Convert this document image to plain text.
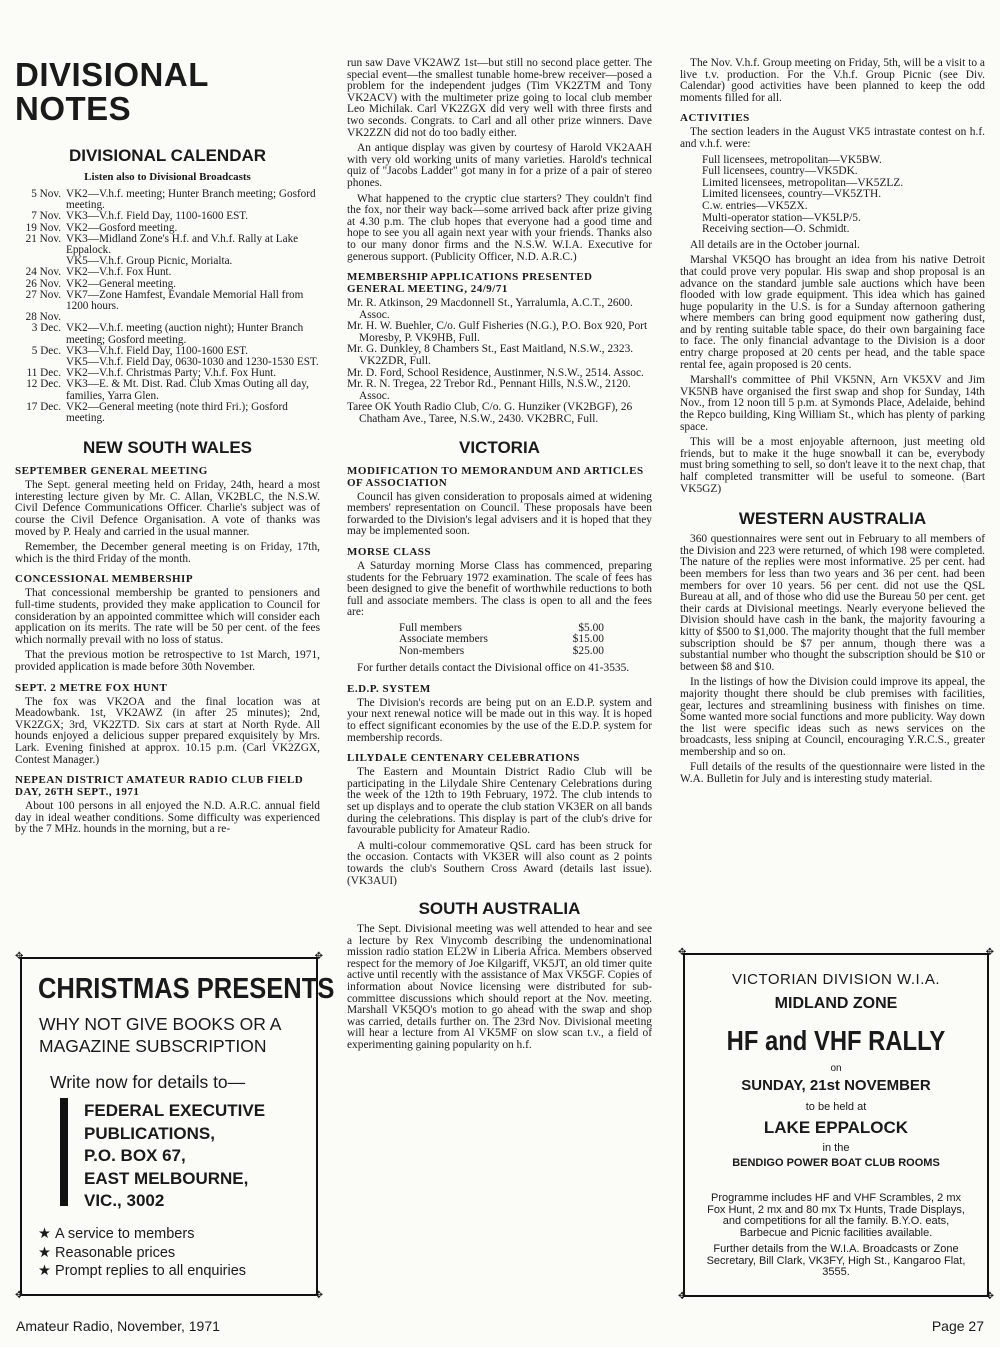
DIVISIONAL NOTES
DIVISIONAL CALENDAR
Listen also to Divisional Broadcasts
5 Nov. VK2—V.h.f. meeting; Hunter Branch meeting; Gosford meeting.
7 Nov. VK3—V.h.f. Field Day, 1100-1600 EST.
19 Nov. VK2—Gosford meeting.
21 Nov. VK3—Midland Zone's H.f. and V.h.f. Rally at Lake Eppalock.
VK5—V.h.f. Group Picnic, Morialta.
24 Nov. VK2—V.h.f. Fox Hunt.
26 Nov. VK2—General meeting.
27 Nov. VK7—Zone Hamfest, Evandale Memorial Hall from 1200 hours.
28 Nov.
3 Dec. VK2—V.h.f. meeting (auction night); Hunter Branch meeting; Gosford meeting.
5 Dec. VK3—V.h.f. Field Day, 1100-1600 EST.
VK5—V.h.f. Field Day, 0630-1030 and 1230-1530 EST.
11 Dec. VK2—V.h.f. Christmas Party; V.h.f. Fox Hunt.
12 Dec. VK3—E. & Mt. Dist. Rad. Club Xmas Outing all day, families, Yarra Glen.
17 Dec. VK2—General meeting (note third Fri.); Gosford meeting.
NEW SOUTH WALES
SEPTEMBER GENERAL MEETING

The Sept. general meeting held on Friday, 24th, heard a most interesting lecture given by Mr. C. Allan, VK2BLC, the N.S.W. Civil Defence Communications Officer. Charlie's subject was of course the Civil Defence Organisation. A vote of thanks was moved by P. Healy and carried in the usual manner.

Remember, the December general meeting is on Friday, 17th, which is the third Friday of the month.

CONCESSIONAL MEMBERSHIP

That concessional membership be granted to pensioners and full-time students, provided they make application to Council for consideration by an appointed committee which will consider each application on its merits. The rate will be 50 per cent. of the fees which normally prevail with no loss of status.

That the previous motion be retrospective to 1st March, 1971, provided application is made before 30th November.

SEPT. 2 METRE FOX HUNT

The fox was VK2OA and the final location was at Meadowbank. 1st, VK2AWZ (in after 25 minutes); 2nd, VK2ZGX; 3rd, VK2ZTD. Six cars at start at North Ryde. All hounds enjoyed a delicious supper prepared exquisitely by Mrs. Lark. Evening finished at approx. 10.15 p.m. (Carl VK2ZGX, Contest Manager.)

NEPEAN DISTRICT AMATEUR RADIO CLUB FIELD DAY, 26TH SEPT., 1971

About 100 persons in all enjoyed the N.D. A.R.C. annual field day in ideal weather conditions. Some difficulty was experienced by the 7 MHz. hounds in the morning, but a re-

run saw Dave VK2AWZ 1st—but still no second place getter. The special event—the smallest tunable home-brew receiver—posed a problem for the independent judges (Tim VK2ZTM and Tony VK2ACV) with the multimeter prize going to local club member Leo Michilak. Carl VK2ZGX did very well with three firsts and two seconds. Congrats. to Carl and all other prize winners. Dave VK2ZZN did not do too badly either.

An antique display was given by courtesy of Harold VK2AAH with very old working units of many varieties. Harold's technical quiz of "Jacobs Ladder" got many in for a prize of a pair of stereo phones.

What happened to the cryptic clue starters? They couldn't find the fox, nor their way back—some arrived back after prize giving at 4.30 p.m. The club hopes that everyone had a good time and hope to see you all again next year with your friends. Thanks also to our many donor firms and the N.S.W. W.I.A. Executive for generous support. (Publicity Officer, N.D. A.R.C.)

MEMBERSHIP APPLICATIONS PRESENTED GENERAL MEETING, 24/9/71
Mr. R. Atkinson, 29 Macdonnell St., Yarralumla, A.C.T., 2600. Assoc.
Mr. H. W. Buehler, C/o. Gulf Fisheries (N.G.), P.O. Box 920, Port Moresby, P. VK9HB, Full.
Mr. G. Dunkley, 8 Chambers St., East Maitland, N.S.W., 2323. VK2ZDR, Full.
Mr. D. Ford, School Residence, Austinmer, N.S.W., 2514. Assoc.
Mr. R. N. Tregea, 22 Trebor Rd., Pennant Hills, N.S.W., 2120. Assoc.
Taree OK Youth Radio Club, C/o. G. Hunziker (VK2BGF), 26 Chatham Ave., Taree, N.S.W., 2430. VK2BRC, Full.
VICTORIA
MODIFICATION TO MEMORANDUM AND ARTICLES OF ASSOCIATION

Council has given consideration to proposals aimed at widening members' representation on Council. These proposals have been forwarded to the Division's legal advisers and it is hoped that they may be implemented soon.

MORSE CLASS

A Saturday morning Morse Class has commenced, preparing students for the February 1972 examination. The scale of fees has been designed to give the benefit of worthwhile reductions to both full and associate members. The class is open to all and the fees are:

Full members	$5.00
Associate members	$15.00
Non-members	$25.00

For further details contact the Divisional office on 41-3535.

E.D.P. SYSTEM

The Division's records are being put on an E.D.P. system and your next renewal notice will be made out in this way. It is hoped to effect significant economies by the use of the E.D.P. system for membership records.

LILYDALE CENTENARY CELEBRATIONS

The Eastern and Mountain District Radio Club will be participating in the Lilydale Shire Centenary Celebrations during the week of the 12th to 19th February, 1972. The club intends to set up displays and to operate the club station VK3ER on all bands during the celebrations. This display is part of the club's drive for favourable publicity for Amateur Radio.

A multi-colour commemorative QSL card has been struck for the occasion. Contacts with VK3ER will also count as 2 points towards the club's Southern Cross Award (details last issue). (VK3AUI)

SOUTH AUSTRALIA

The Sept. Divisional meeting was well attended to hear and see a lecture by Rex Vinycomb describing the undenominational mission radio station EL2W in Liberia Africa. Members observed respect for the memory of Joe Kilgariff, VK5JT, an old timer quite active until recently with the assistance of Max VK5GF. Copies of information about Novice licensing were distributed for sub-committee discussions which should report at the Nov. meeting. Marshall VK5QO's motion to go ahead with the swap and shop was carried, details further on. The 23rd Nov. Divisional meeting will hear a lecture from Al VK5MF on slow scan t.v., a field of experimenting gaining popularity on h.f.

The Nov. V.h.f. Group meeting on Friday, 5th, will be a visit to a live t.v. production. For the V.h.f. Group Picnic (see Div. Calendar) good activities have been planned to keep the odd moments filled for all.

ACTIVITIES

The section leaders in the August VK5 intrastate contest on h.f. and v.h.f. were:

Full licensees, metropolitan—VK5BW.
Full licensees, country—VK5DK.
Limited licensees, metropolitan—VK5ZLZ.
Limited licensees, country—VK5ZTH.
C.w. entries—VK5ZX.
Multi-operator station—VK5LP/5.
Receiving section—O. Schmidt.

All details are in the October journal.

Marshal VK5QO has brought an idea from his native Detroit that could prove very popular. His swap and shop proposal is an advance on the standard jumble sale auctions which have been flooded with low grade equipment. This idea which has gained huge popularity in the U.S. is for a Sunday afternoon gathering where members can bring good equipment now gathering dust, and by renting suitable table space, do their own bargaining face to face. The only financial advantage to the Division is a door entry charge proposed at 20 cents per head, and the table space rental fee, again proposed is 20 cents.

Marshall's committee of Phil VK5NN, Arn VK5XV and Jim VK5NB have organised the first swap and shop for Sunday, 14th Nov., from 12 noon till 5 p.m. at Symonds Place, Adelaide, behind the Repco building, King William St., which has plenty of parking space.

This will be a most enjoyable afternoon, just meeting old friends, but to make it the huge snowball it can be, everybody must bring something to sell, so don't leave it to the next chap, that half completed transmitter will be useful to someone. (Bart VK5GZ)

WESTERN AUSTRALIA

360 questionnaires were sent out in February to all members of the Division and 223 were returned, of which 198 were completed. The nature of the replies were most informative. 25 per cent. had been members for less than two years and 36 per cent. had been members for over 10 years. 56 per cent. did not use the QSL Bureau at all, and of those who did use the Bureau 50 per cent. get their cards at Divisional meetings. Nearly everyone believed the Division should have cash in the bank, the majority favouring a kitty of $500 to $1,000. The majority thought that the full member subscription should be $7 per annum, though there was a substantial number who thought the subscription should be $10 or between $8 and $10.

In the listings of how the Division could improve its appeal, the majority thought there should be club premises with facilities, gear, lectures and streamlining business with finishes on time. Some wanted more social functions and more publicity. Way down the list were specific ideas such as news services on the broadcasts, less sniping at Council, encouraging Y.R.C.S., greater membership and so on.

Full details of the results of the questionnaire were listed in the W.A. Bulletin for July and is interesting study material.

✥	✥
✥	✥
CHRISTMAS PRESENTS
WHY NOT GIVE BOOKS OR A MAGAZINE SUBSCRIPTION
Write now for details to—
FEDERAL EXECUTIVE
PUBLICATIONS,
P.O. BOX 67,
EAST MELBOURNE,
VIC., 3002
★ A service to members
★ Reasonable prices
★ Prompt replies to all enquiries
✥	✥
✥	✥
VICTORIAN DIVISION W.I.A.
MIDLAND ZONE
HF and VHF RALLY
on
SUNDAY, 21st NOVEMBER
to be held at
LAKE EPPALOCK
in the
BENDIGO POWER BOAT CLUB ROOMS
Programme includes HF and VHF Scrambles, 2 mx Fox Hunt, 2 mx and 80 mx Tx Hunts, Trade Displays, and competitions for all the family. B.Y.O. eats, Barbecue and Picnic facilities available.
Further details from the W.I.A. Broadcasts or Zone Secretary, Bill Clark, VK3FY, High St., Kangaroo Flat, 3555.
Amateur Radio, November, 1971	Page 27
